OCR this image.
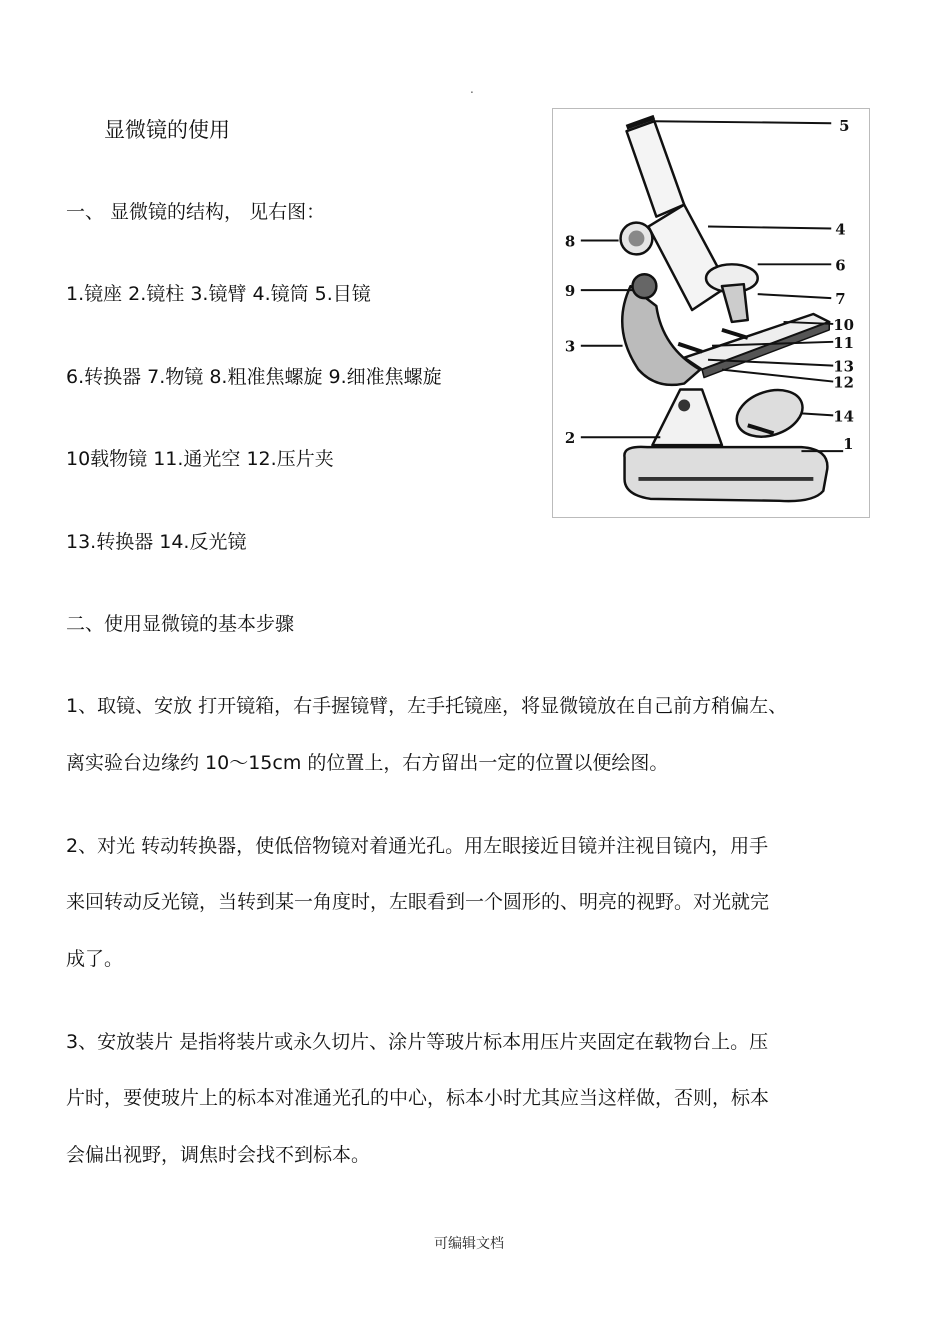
.
显微镜的使用
一、 显微镜的结构， 见右图：
1.镜座 2.镜柱 3.镜臂 4.镜筒 5.目镜
6.转换器 7.物镜 8.粗准焦螺旋 9.细准焦螺旋
10载物镜 11.通光空 12.压片夹
13.转换器 14.反光镜
1
2
3
4
5
6
7
8
9
10
11
12
13
14
二、使用显微镜的基本步骤
1、取镜、安放 打开镜箱，右手握镜臂，左手托镜座，将显微镜放在自己前方稍偏左、
离实验台边缘约 10～15cm 的位置上，右方留出一定的位置以便绘图。
2、对光 转动转换器，使低倍物镜对着通光孔。用左眼接近目镜并注视目镜内，用手
来回转动反光镜，当转到某一角度时，左眼看到一个圆形的、明亮的视野。对光就完
成了。
3、安放装片 是指将装片或永久切片、涂片等玻片标本用压片夹固定在载物台上。压
片时，要使玻片上的标本对准通光孔的中心，标本小时尤其应当这样做，否则，标本
会偏出视野，调焦时会找不到标本。
可编辑文档
